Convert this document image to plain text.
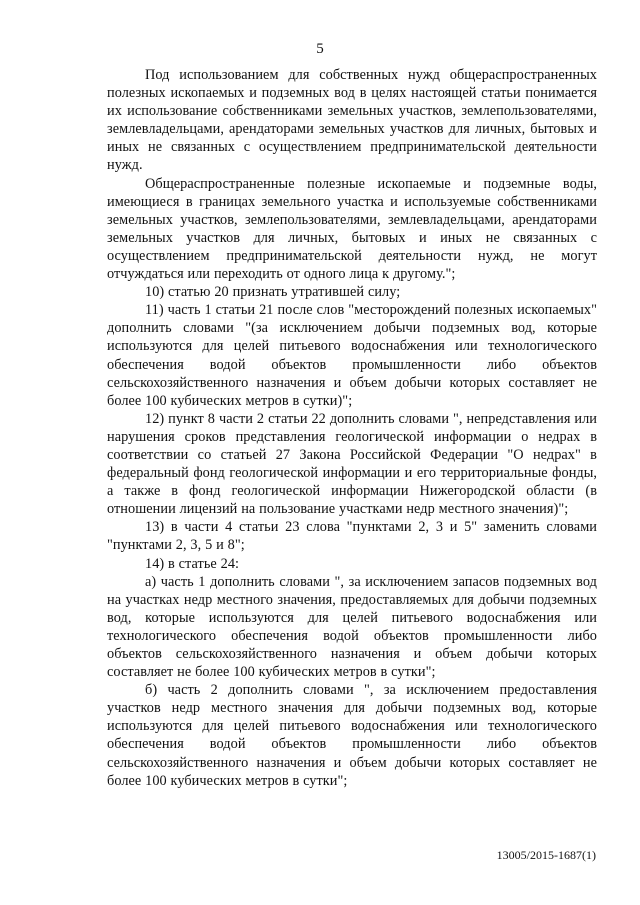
5

Под использованием для собственных нужд общераспространенных полезных ископаемых и подземных вод в целях настоящей статьи понимается их использование собственниками земельных участков, землепользователями, землевладельцами, арендаторами земельных участков для личных, бытовых и иных не связанных с осуществлением предпринимательской деятельности нужд.

Общераспространенные полезные ископаемые и подземные воды, имеющиеся в границах земельного участка и используемые собственниками земельных участков, землепользователями, землевладельцами, арендаторами земельных участков для личных, бытовых и иных не связанных с осуществлением предпринимательской деятельности нужд, не могут отчуждаться или переходить от одного лица к другому.";

10) статью 20 признать утратившей силу;

11) часть 1 статьи 21 после слов "месторождений полезных ископаемых" дополнить словами "(за исключением добычи подземных вод, которые используются для целей питьевого водоснабжения или технологического обеспечения водой объектов промышленности либо объектов сельскохозяйственного назначения и объем добычи которых составляет не более 100 кубических метров в сутки)";

12) пункт 8 части 2 статьи 22 дополнить словами ", непредставления или нарушения сроков представления геологической информации о недрах в соответствии со статьей 27 Закона Российской Федерации "О недрах" в федеральный фонд геологической информации и его территориальные фонды, а также в фонд геологической информации Нижегородской области (в отношении лицензий на пользование участками недр местного значения)";

13) в части 4 статьи 23 слова "пунктами 2, 3 и 5" заменить словами "пунктами 2, 3, 5 и 8";

14) в статье 24:

а) часть 1 дополнить словами ", за исключением запасов подземных вод на участках недр местного значения, предоставляемых для добычи подземных вод, которые используются для целей питьевого водоснабжения или технологического обеспечения водой объектов промышленности либо объектов сельскохозяйственного назначения и объем добычи которых составляет не более 100 кубических метров в сутки";

б) часть 2 дополнить словами ", за исключением предоставления участков недр местного значения для добычи подземных вод, которые используются для целей питьевого водоснабжения или технологического обеспечения водой объектов промышленности либо объектов сельскохозяйственного назначения и объем добычи которых составляет не более 100 кубических метров в сутки";

13005/2015-1687(1)
